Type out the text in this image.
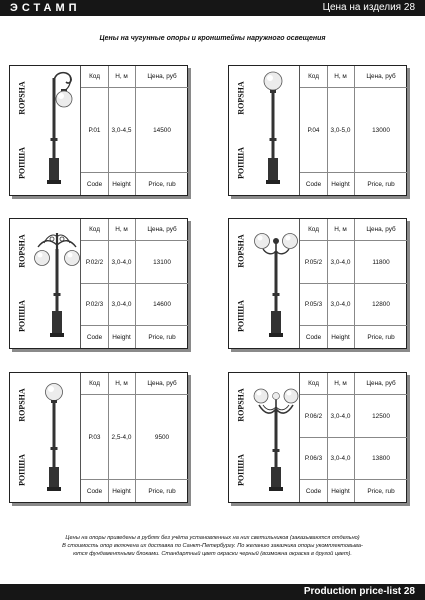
ЭСТАМП	Цена на изделия 28
Цены на чугунные опоры и кронштейны наружного освещения
ROPSHA
РОПША
Код	Н, м	Цена, руб
Р.01	3,0-4,5	14500
Code	Height	Price, rub
ROPSHA
РОПША
Код	Н, м	Цена, руб
Р.04	3,0-5,0	13000
Code	Height	Price, rub
ROPSHA
РОПША
Код	Н, м	Цена, руб
Р.02/2	3,0-4,0	13100
Р.02/3	3,0-4,0	14600
Code	Height	Price, rub
ROPSHA
РОПША
Код	Н, м	Цена, руб
Р.05/2	3,0-4,0	11800
Р.05/3	3,0-4,0	12800
Code	Height	Price, rub
ROPSHA
РОПША
Код	Н, м	Цена, руб
Р.03	2,5-4,0	9500
Code	Height	Price, rub
ROPSHA
РОПША
Код	Н, м	Цена, руб
Р.06/2	3,0-4,0	12500
Р.06/3	3,0-4,0	13800
Code	Height	Price, rub
Цены на опоры приведены в рублях без учёта установленных на них светильников (заказываются отдельно)
В стоимость опор включена их доставка по Санкт-Петербургу. По желанию заказчика опоры укомплектовыва-
ются фундаментными блоками. Стандартный цвет окраски черный (возможна окраска в другой цвет).
Production price-list 28
